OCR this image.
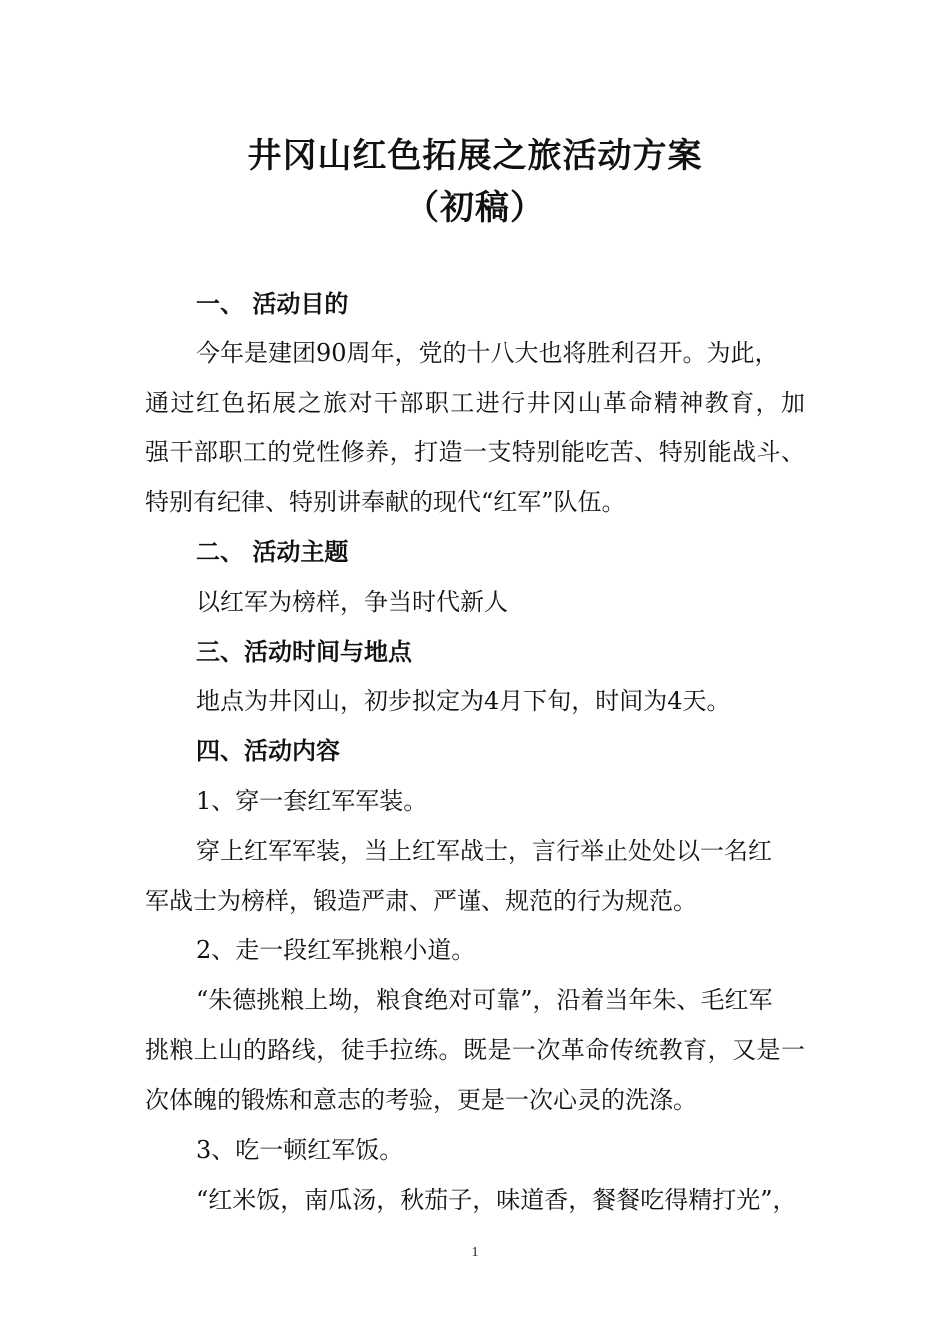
井冈山红色拓展之旅活动方案
（初稿）
一、 活动目的
今年是建团90周年，党的十八大也将胜利召开。为此，
通过红色拓展之旅对干部职工进行井冈山革命精神教育，加
强干部职工的党性修养，打造一支特别能吃苦、特别能战斗、
特别有纪律、特别讲奉献的现代“红军”队伍。
二、 活动主题
以红军为榜样，争当时代新人
三、活动时间与地点
地点为井冈山，初步拟定为4月下旬，时间为4天。
四、活动内容
1、穿一套红军军装。
穿上红军军装，当上红军战士，言行举止处处以一名红
军战士为榜样，锻造严肃、严谨、规范的行为规范。
2、走一段红军挑粮小道。
“朱德挑粮上坳，粮食绝对可靠”，沿着当年朱、毛红军
挑粮上山的路线，徒手拉练。既是一次革命传统教育，又是一
次体魄的锻炼和意志的考验，更是一次心灵的洗涤。
3、吃一顿红军饭。
“红米饭，南瓜汤，秋茄子，味道香，餐餐吃得精打光”，
1
